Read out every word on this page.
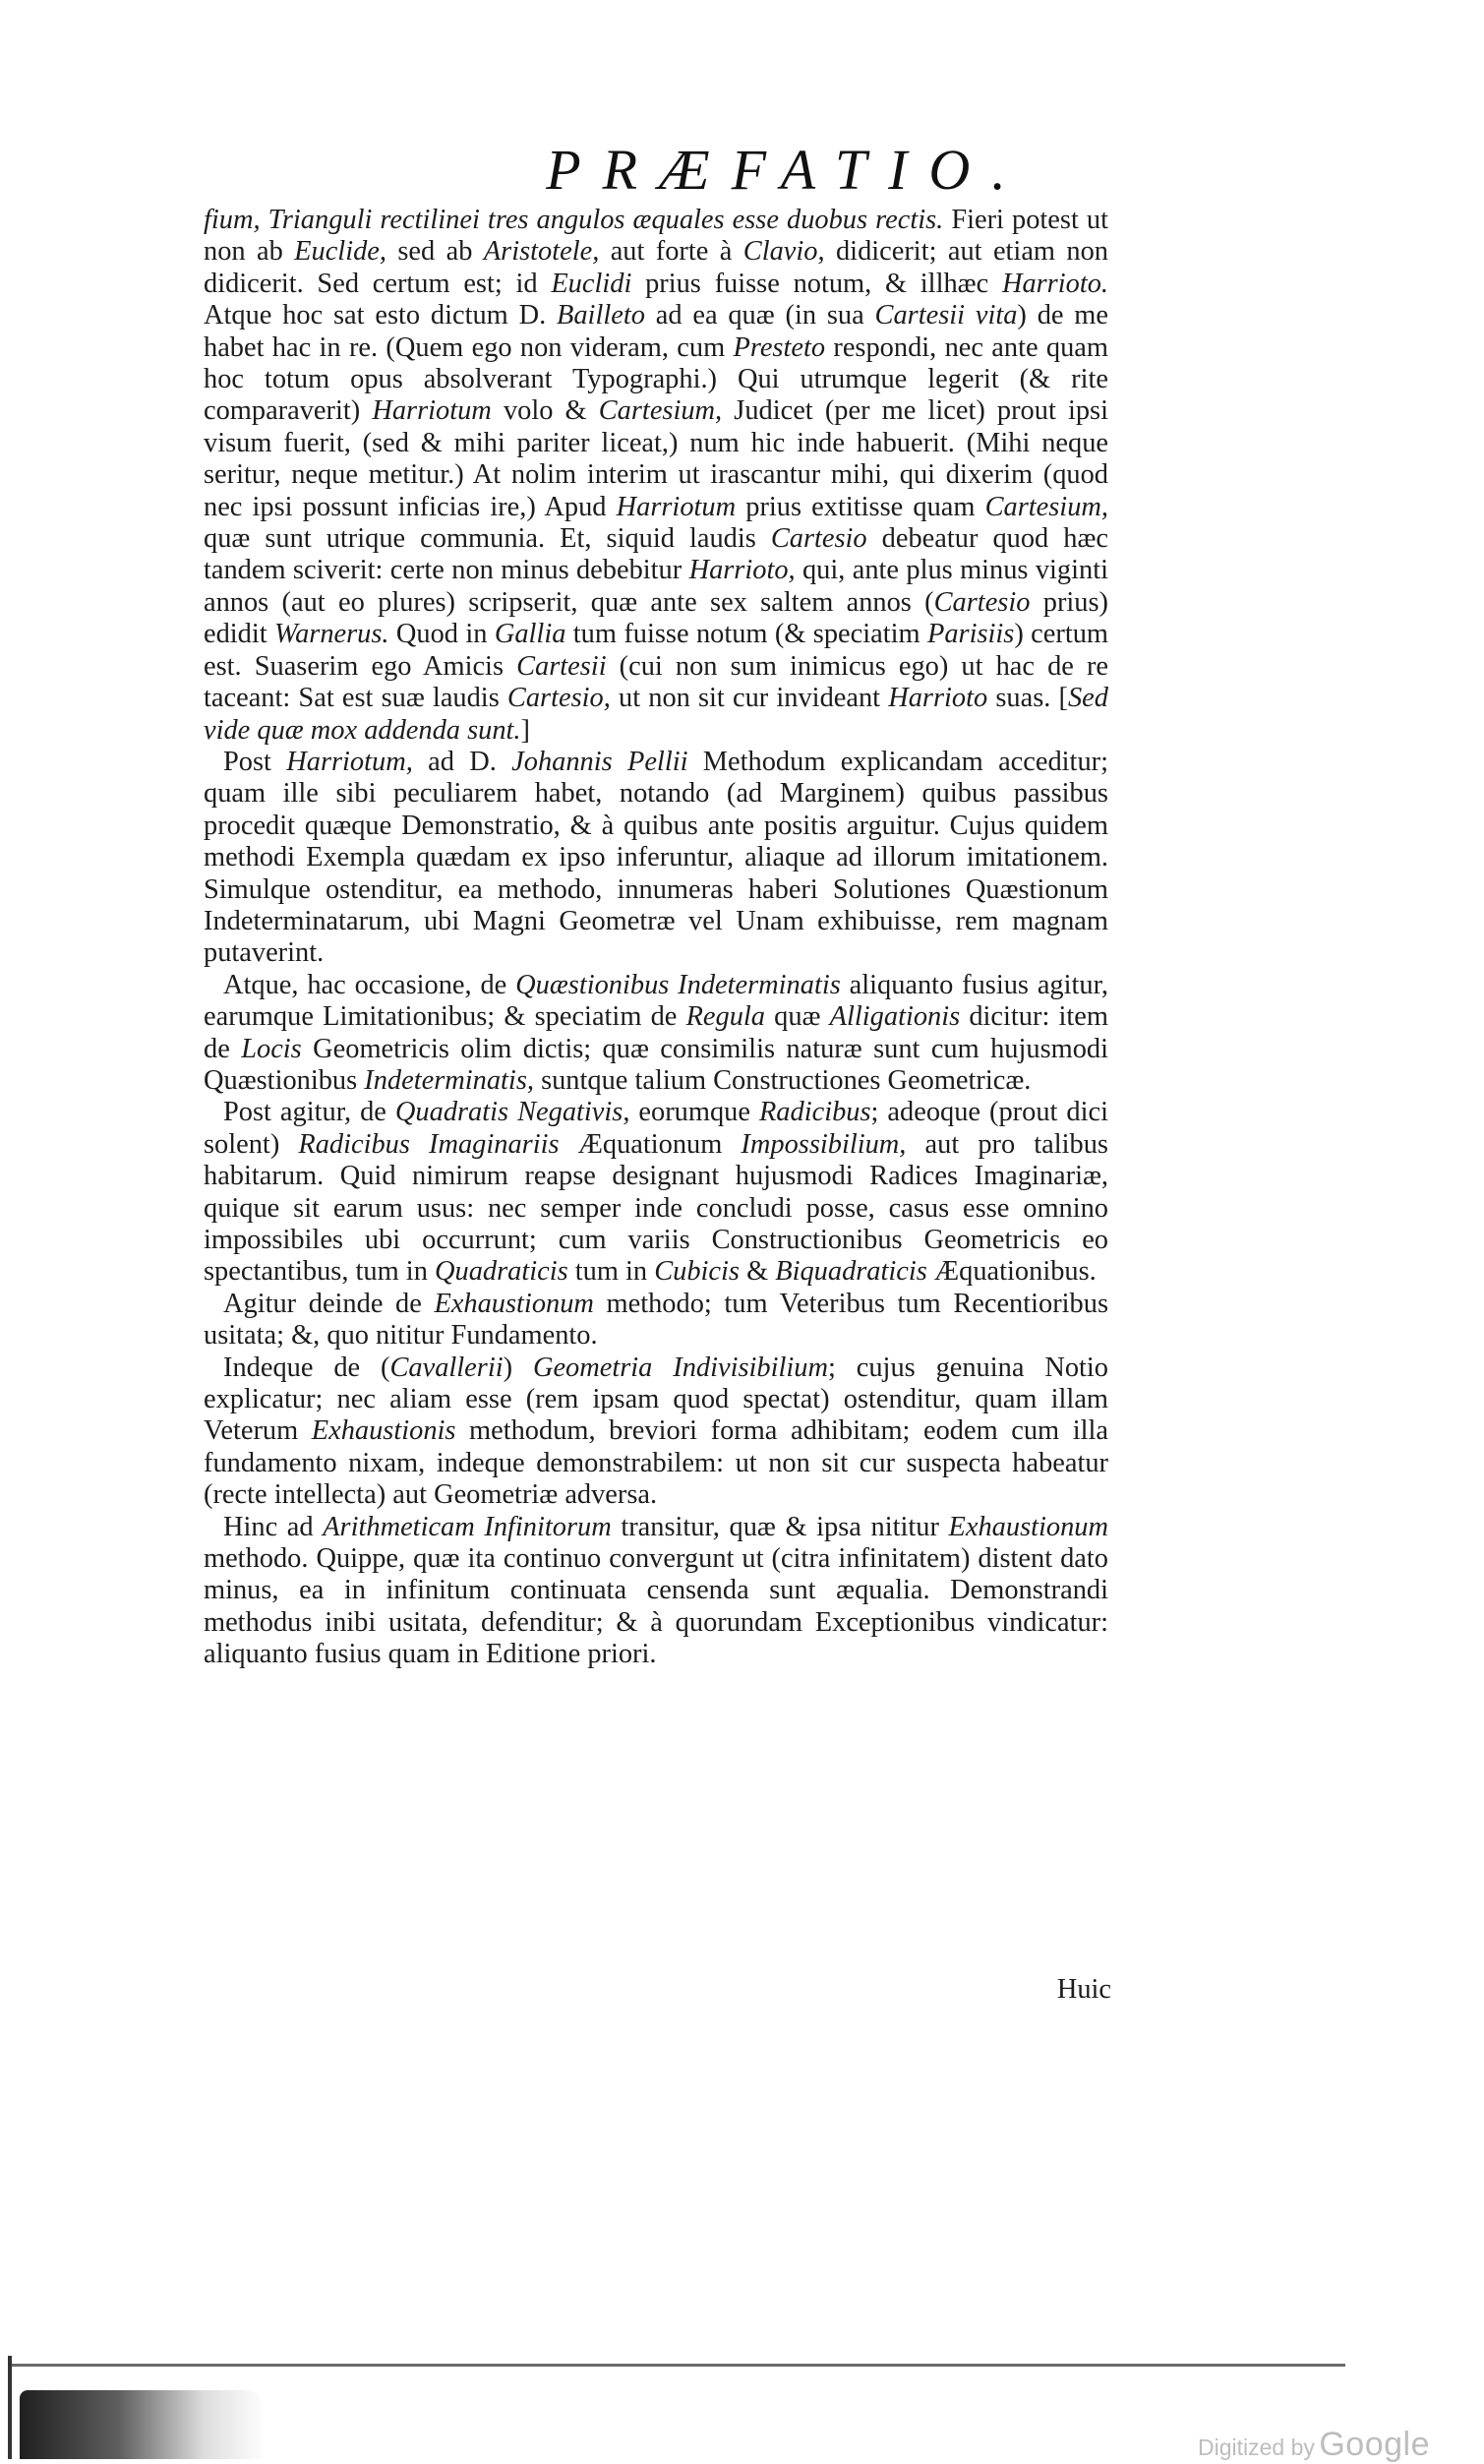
PRÆFATIO.

fium, Trianguli rectilinei tres angulos æquales esse duobus rectis. Fieri potest ut non ab Euclide, sed ab Aristotele, aut forte à Clavio, didicerit; aut etiam non didicerit. Sed certum est; id Euclidi prius fuisse notum, & illhæc Harrioto. Atque hoc sat esto dictum D. Bailleto ad ea quæ (in sua Cartesii vita) de me habet hac in re. (Quem ego non videram, cum Presteto respondi, nec ante quam hoc totum opus absolverant Typographi.) Qui utrumque legerit (& rite comparaverit) Harriotum volo & Cartesium, Judicet (per me licet) prout ipsi visum fuerit, (sed & mihi pariter liceat,) num hic inde habuerit. (Mihi neque seritur, neque metitur.) At nolim interim ut irascantur mihi, qui dixerim (quod nec ipsi possunt inficias ire,) Apud Harriotum prius extitisse quam Cartesium, quæ sunt utrique communia. Et, siquid laudis Cartesio debeatur quod hæc tandem sciverit: certe non minus debebitur Harrioto, qui, ante plus minus viginti annos (aut eo plures) scripserit, quæ ante sex saltem annos (Cartesio prius) edidit Warnerus. Quod in Gallia tum fuisse notum (& speciatim Parisiis) certum est. Suaserim ego Amicis Cartesii (cui non sum inimicus ego) ut hac de re taceant: Sat est suæ laudis Cartesio, ut non sit cur invideant Harrioto suas. [Sed vide quæ mox addenda sunt.]

Post Harriotum, ad D. Johannis Pellii Methodum explicandam acceditur; quam ille sibi peculiarem habet, notando (ad Marginem) quibus passibus procedit quæque Demonstratio, & à quibus ante positis arguitur. Cujus quidem methodi Exempla quædam ex ipso inferuntur, aliaque ad illorum imitationem. Simulque ostenditur, ea methodo, innumeras haberi Solutiones Quæstionum Indeterminatarum, ubi Magni Geometræ vel Unam exhibuisse, rem magnam putaverint.

Atque, hac occasione, de Quæstionibus Indeterminatis aliquanto fusius agitur, earumque Limitationibus; & speciatim de Regula quæ Alligationis dicitur: item de Locis Geometricis olim dictis; quæ consimilis naturæ sunt cum hujusmodi Quæstionibus Indeterminatis, suntque talium Constructiones Geometricæ.

Post agitur, de Quadratis Negativis, eorumque Radicibus; adeoque (prout dici solent) Radicibus Imaginariis Æquationum Impossibilium, aut pro talibus habitarum. Quid nimirum reapse designant hujusmodi Radices Imaginariæ, quique sit earum usus: nec semper inde concludi posse, casus esse omnino impossibiles ubi occurrunt; cum variis Constructionibus Geometricis eo spectantibus, tum in Quadraticis tum in Cubicis & Biquadraticis Æquationibus.

Agitur deinde de Exhaustionum methodo; tum Veteribus tum Recentioribus usitata; &, quo nititur Fundamento.

Indeque de (Cavallerii) Geometria Indivisibilium; cujus genuina Notio explicatur; nec aliam esse (rem ipsam quod spectat) ostenditur, quam illam Veterum Exhaustionis methodum, breviori forma adhibitam; eodem cum illa fundamento nixam, indeque demonstrabilem: ut non sit cur suspecta habeatur (recte intellecta) aut Geometriæ adversa.

Hinc ad Arithmeticam Infinitorum transitur, quæ & ipsa nititur Exhaustionum methodo. Quippe, quæ ita continuo convergunt ut (citra infinitatem) distent dato minus, ea in infinitum continuata censenda sunt æqualia. Demonstrandi methodus inibi usitata, defenditur; & à quorundam Exceptionibus vindicatur: aliquanto fusius quam in Editione priori.

Huic
Digitized by Google
